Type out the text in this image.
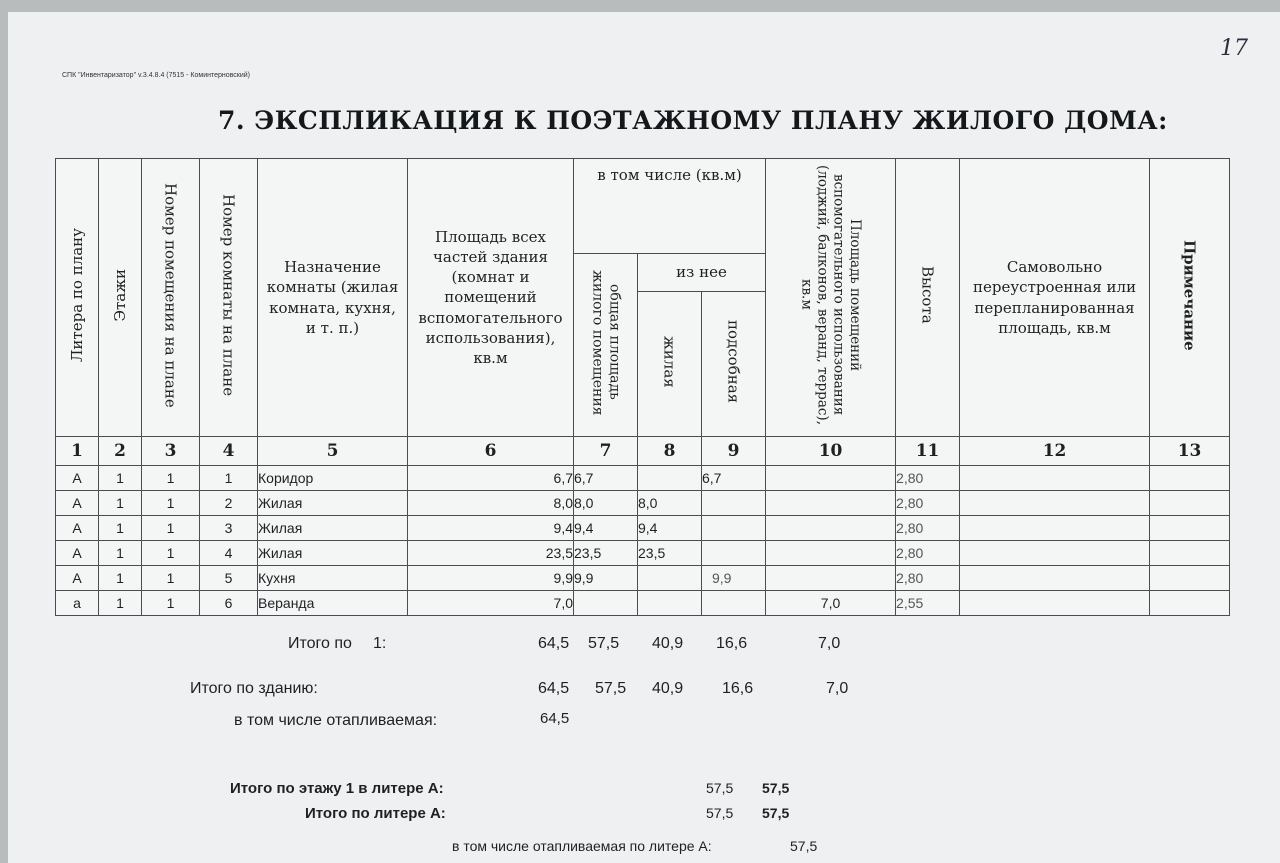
СПК "Инвентаризатор" v.3.4.8.4 (7515 - Коминтерновский)
17
7. ЭКСПЛИКАЦИЯ К ПОЭТАЖНОМУ ПЛАНУ ЖИЛОГО ДОМА:
Литера по плану	Этажи	Номер помещения на плане	Номер комнаты на плане	Назначение комнаты (жилая комната, кухня, и т. п.)	Площадь всех частей здания (комнат и помещений вспомогательного использования), кв.м	в том числе (кв.м)			Площадь помещений вспомогательного использования (лоджий, балконов, веранд, террас), кв.м	Высота	Самовольно переустроенная или перепланированная площадь, кв.м	Примечание
						общая площадь жилого помещения	из нее					
							жилая	подсобная				
1	2	3	4	5	6	7	8	9	10	11	12	13
А	1	1	1	Коридор	6,7	6,7		6,7		2,80		
А	1	1	2	Жилая	8,0	8,0	8,0			2,80		
А	1	1	3	Жилая	9,4	9,4	9,4			2,80		
А	1	1	4	Жилая	23,5	23,5	23,5			2,80		
А	1	1	5	Кухня	9,9	9,9		9,9		2,80		
а	1	1	6	Веранда	7,0				7,0	2,55		
Итого по 1:	64,5 57,5 40,9 16,6	7,0
Итого по зданию:	64,5 57,5 40,9 16,6	7,0
в том числе отапливаемая:	64,5
Итого по этажу 1 в литере А:	57,5 57,5
Итого по литере А:	57,5 57,5
в том числе отапливаемая по литере А:	57,5
